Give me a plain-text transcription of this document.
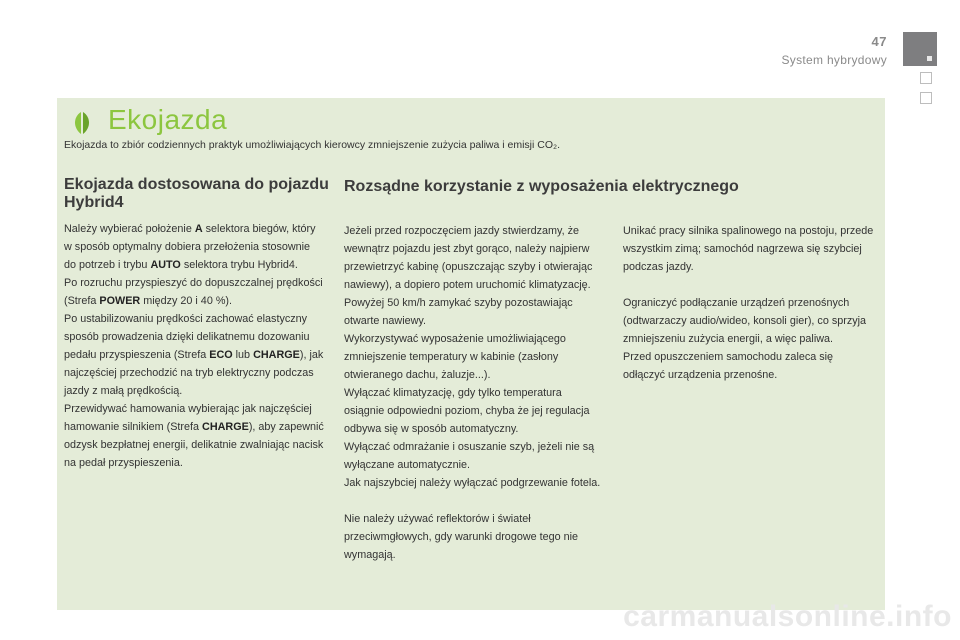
47
System hybrydowy
Ekojazda
Ekojazda to zbiór codziennych praktyk umożliwiających kierowcy zmniejszenie zużycia paliwa i emisji CO₂.
Ekojazda dostosowana do pojazdu Hybrid4
Należy wybierać położenie A selektora biegów, który w sposób optymalny dobiera przełożenia stosownie do potrzeb i trybu AUTO selektora trybu Hybrid4.
Po rozruchu przyspieszyć do dopuszczalnej prędkości (Strefa POWER między 20 i 40 %).
Po ustabilizowaniu prędkości zachować elastyczny sposób prowadzenia dzięki delikatnemu dozowaniu pedału przyspieszenia (Strefa ECO lub CHARGE), jak najczęściej przechodzić na tryb elektryczny podczas jazdy z małą prędkością.
Przewidywać hamowania wybierając jak najczęściej hamowanie silnikiem (Strefa CHARGE), aby zapewnić odzysk bezpłatnej energii, delikatnie zwalniając nacisk na pedał przyspieszenia.
Rozsądne korzystanie z wyposażenia elektrycznego

Jeżeli przed rozpoczęciem jazdy stwierdzamy, że wewnątrz pojazdu jest zbyt gorąco, należy najpierw przewietrzyć kabinę (opuszczając szyby i otwierając nawiewy), a dopiero potem uruchomić klimatyzację.

Powyżej 50 km/h zamykać szyby pozostawiając otwarte nawiewy.

Wykorzystywać wyposażenie umożliwiającego zmniejszenie temperatury w kabinie (zasłony otwieranego dachu, żaluzje...).

Wyłączać klimatyzację, gdy tylko temperatura osiągnie odpowiedni poziom, chyba że jej regulacja odbywa się w sposób automatyczny.

Wyłączać odmrażanie i osuszanie szyb, jeżeli nie są wyłączane automatycznie.

Jak najszybciej należy wyłączać podgrzewanie fotela.

Nie należy używać reflektorów i świateł przeciwmgłowych, gdy warunki drogowe tego nie wymagają.

Unikać pracy silnika spalinowego na postoju, przede wszystkim zimą; samochód nagrzewa się szybciej podczas jazdy.

Ograniczyć podłączanie urządzeń przenośnych (odtwarzaczy audio/wideo, konsoli gier), co sprzyja zmniejszeniu zużycia energii, a więc paliwa.

Przed opuszczeniem samochodu zaleca się odłączyć urządzenia przenośne.

carmanualsonline.info
